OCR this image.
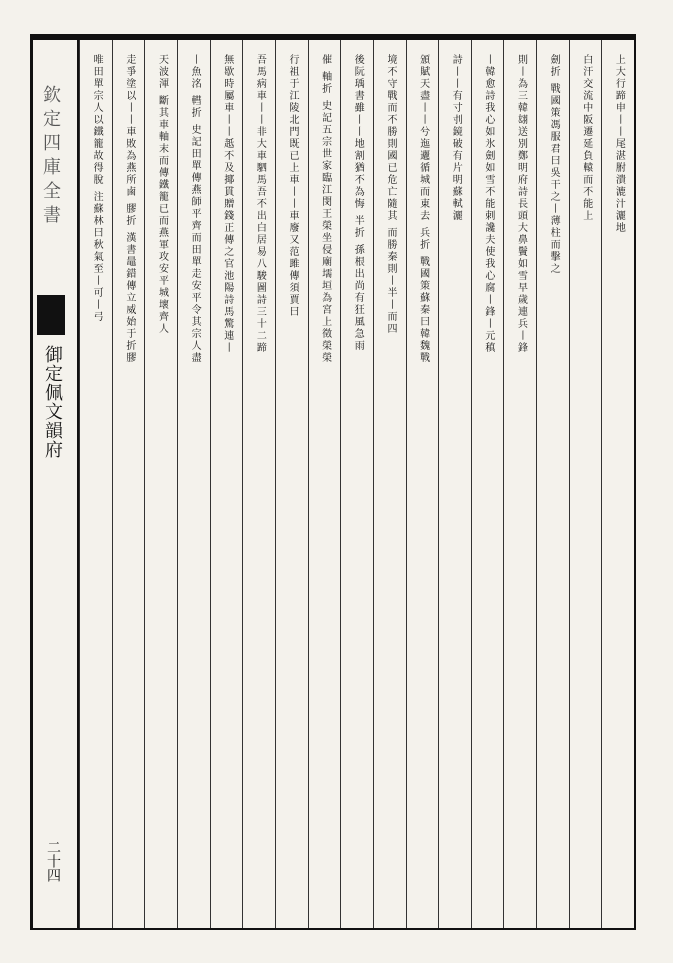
欽定四庫全書
御定佩文韻府
二十四
上大行蹄申丨丨尾湛胕潰漉汁灑地
白汗交流中阪遷延負轅而不能上
劍折 戰國策馮服君曰吳干之丨薄柱而擊之
則丨為三韓翃送別鄭明府詩長頭大鼻鬢如雪早歲連兵丨鋒
丨韓愈詩我心如氷劍如雪不能刺讒夫使我心腐丨鋒丨元稹
詩丨丨有寸刌鏡破有片明蘇軾灑
頒賦天盡丨丨兮迤邐循城而東去 兵折 戰國策蘇秦曰韓魏戰
境不守戰而不勝則國已危亡隨其 而勝秦則丨半丨而四
後阮瑀書雖丨丨地割猶不為悔 半折 孫根出尚有狂風急雨
催 軸折 史記五宗世家臨江閔王榮坐侵廟壖垣為宮上徵榮榮
行祖于江陵北門既已上車丨丨車廢又范雎傳須賈曰
吾馬病車丨丨非大車駟馬吾不出白居易八駿圖詩三十二蹄
無歇時屬車丨丨赿不及揶貫贈錢正傳之官池陽詩馬驚連丨
丨魚洺 轊折 史記田單傳燕師平齊而田單走安平令其宗人盡
天波渾 斷其車軸末而傳鐵籠已而燕軍攻安平城壞齊人
走爭塗以丨丨車敗為燕所鹵 膠折 漢書鼂錯傳立威始于折膠
唯田單宗人以鐵籠故得脫 注蘇林曰秋氣至丨可丨弓
